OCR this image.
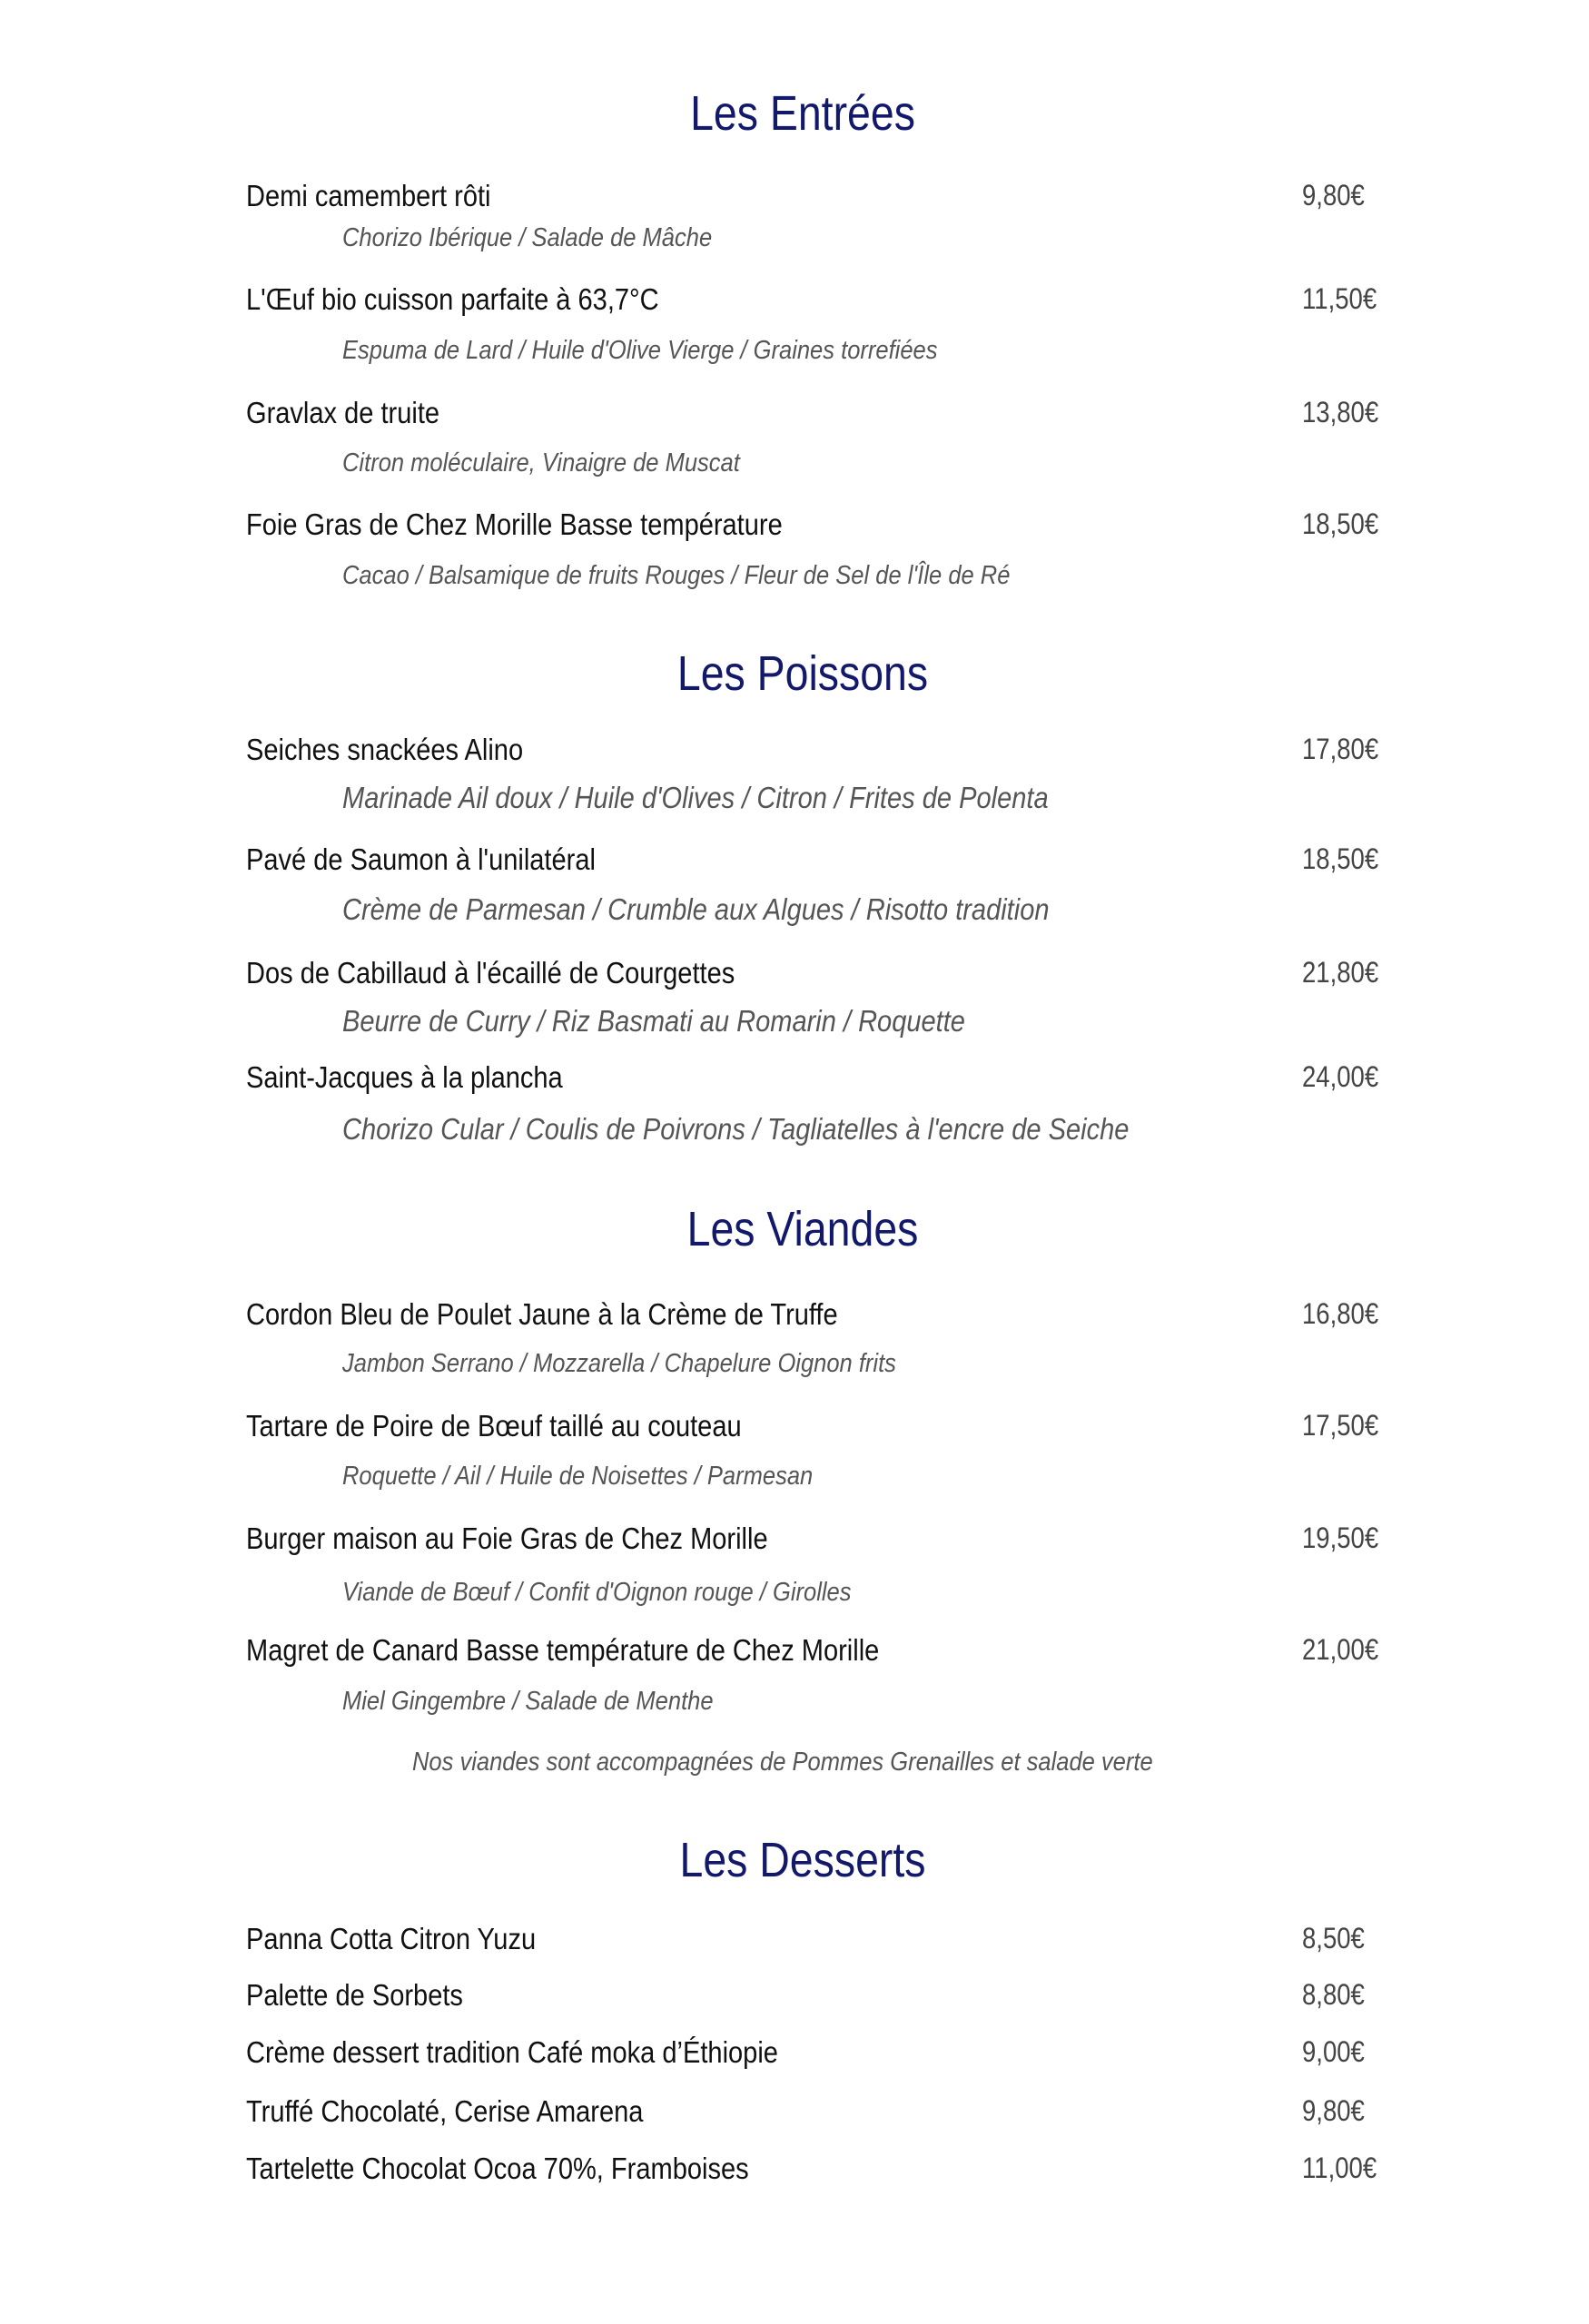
Les Entrées
Demi camembert rôti	9,80€
Chorizo Ibérique / Salade de Mâche
L'Œuf bio cuisson parfaite à 63,7°C	11,50€
Espuma de Lard / Huile d'Olive Vierge / Graines torrefiées
Gravlax de truite	13,80€
Citron moléculaire, Vinaigre de Muscat
Foie Gras de Chez Morille Basse température	18,50€
Cacao / Balsamique de fruits Rouges / Fleur de Sel de l'Île de Ré
Les Poissons
Seiches snackées Alino	17,80€
Marinade Ail doux / Huile d'Olives / Citron / Frites de Polenta
Pavé de Saumon à l'unilatéral	18,50€
Crème de Parmesan / Crumble aux Algues / Risotto tradition
Dos de Cabillaud à l'écaillé de Courgettes	21,80€
Beurre de Curry / Riz Basmati au Romarin / Roquette
Saint-Jacques à la plancha	24,00€
Chorizo Cular / Coulis de Poivrons / Tagliatelles à l'encre de Seiche
Les Viandes
Cordon Bleu de Poulet Jaune à la Crème de Truffe	16,80€
Jambon Serrano / Mozzarella / Chapelure Oignon frits
Tartare de Poire de Bœuf taillé au couteau	17,50€
Roquette / Ail / Huile de Noisettes / Parmesan
Burger maison au Foie Gras de Chez Morille	19,50€
Viande de Bœuf / Confit d'Oignon rouge / Girolles
Magret de Canard Basse température de Chez Morille	21,00€
Miel Gingembre / Salade de Menthe
Nos viandes sont accompagnées de Pommes Grenailles et salade verte
Les Desserts
Panna Cotta Citron Yuzu	8,50€
Palette de Sorbets	8,80€
Crème dessert tradition Café moka d’Éthiopie	9,00€
Truffé Chocolaté, Cerise Amarena	9,80€
Tartelette Chocolat Ocoa 70%, Framboises	11,00€
